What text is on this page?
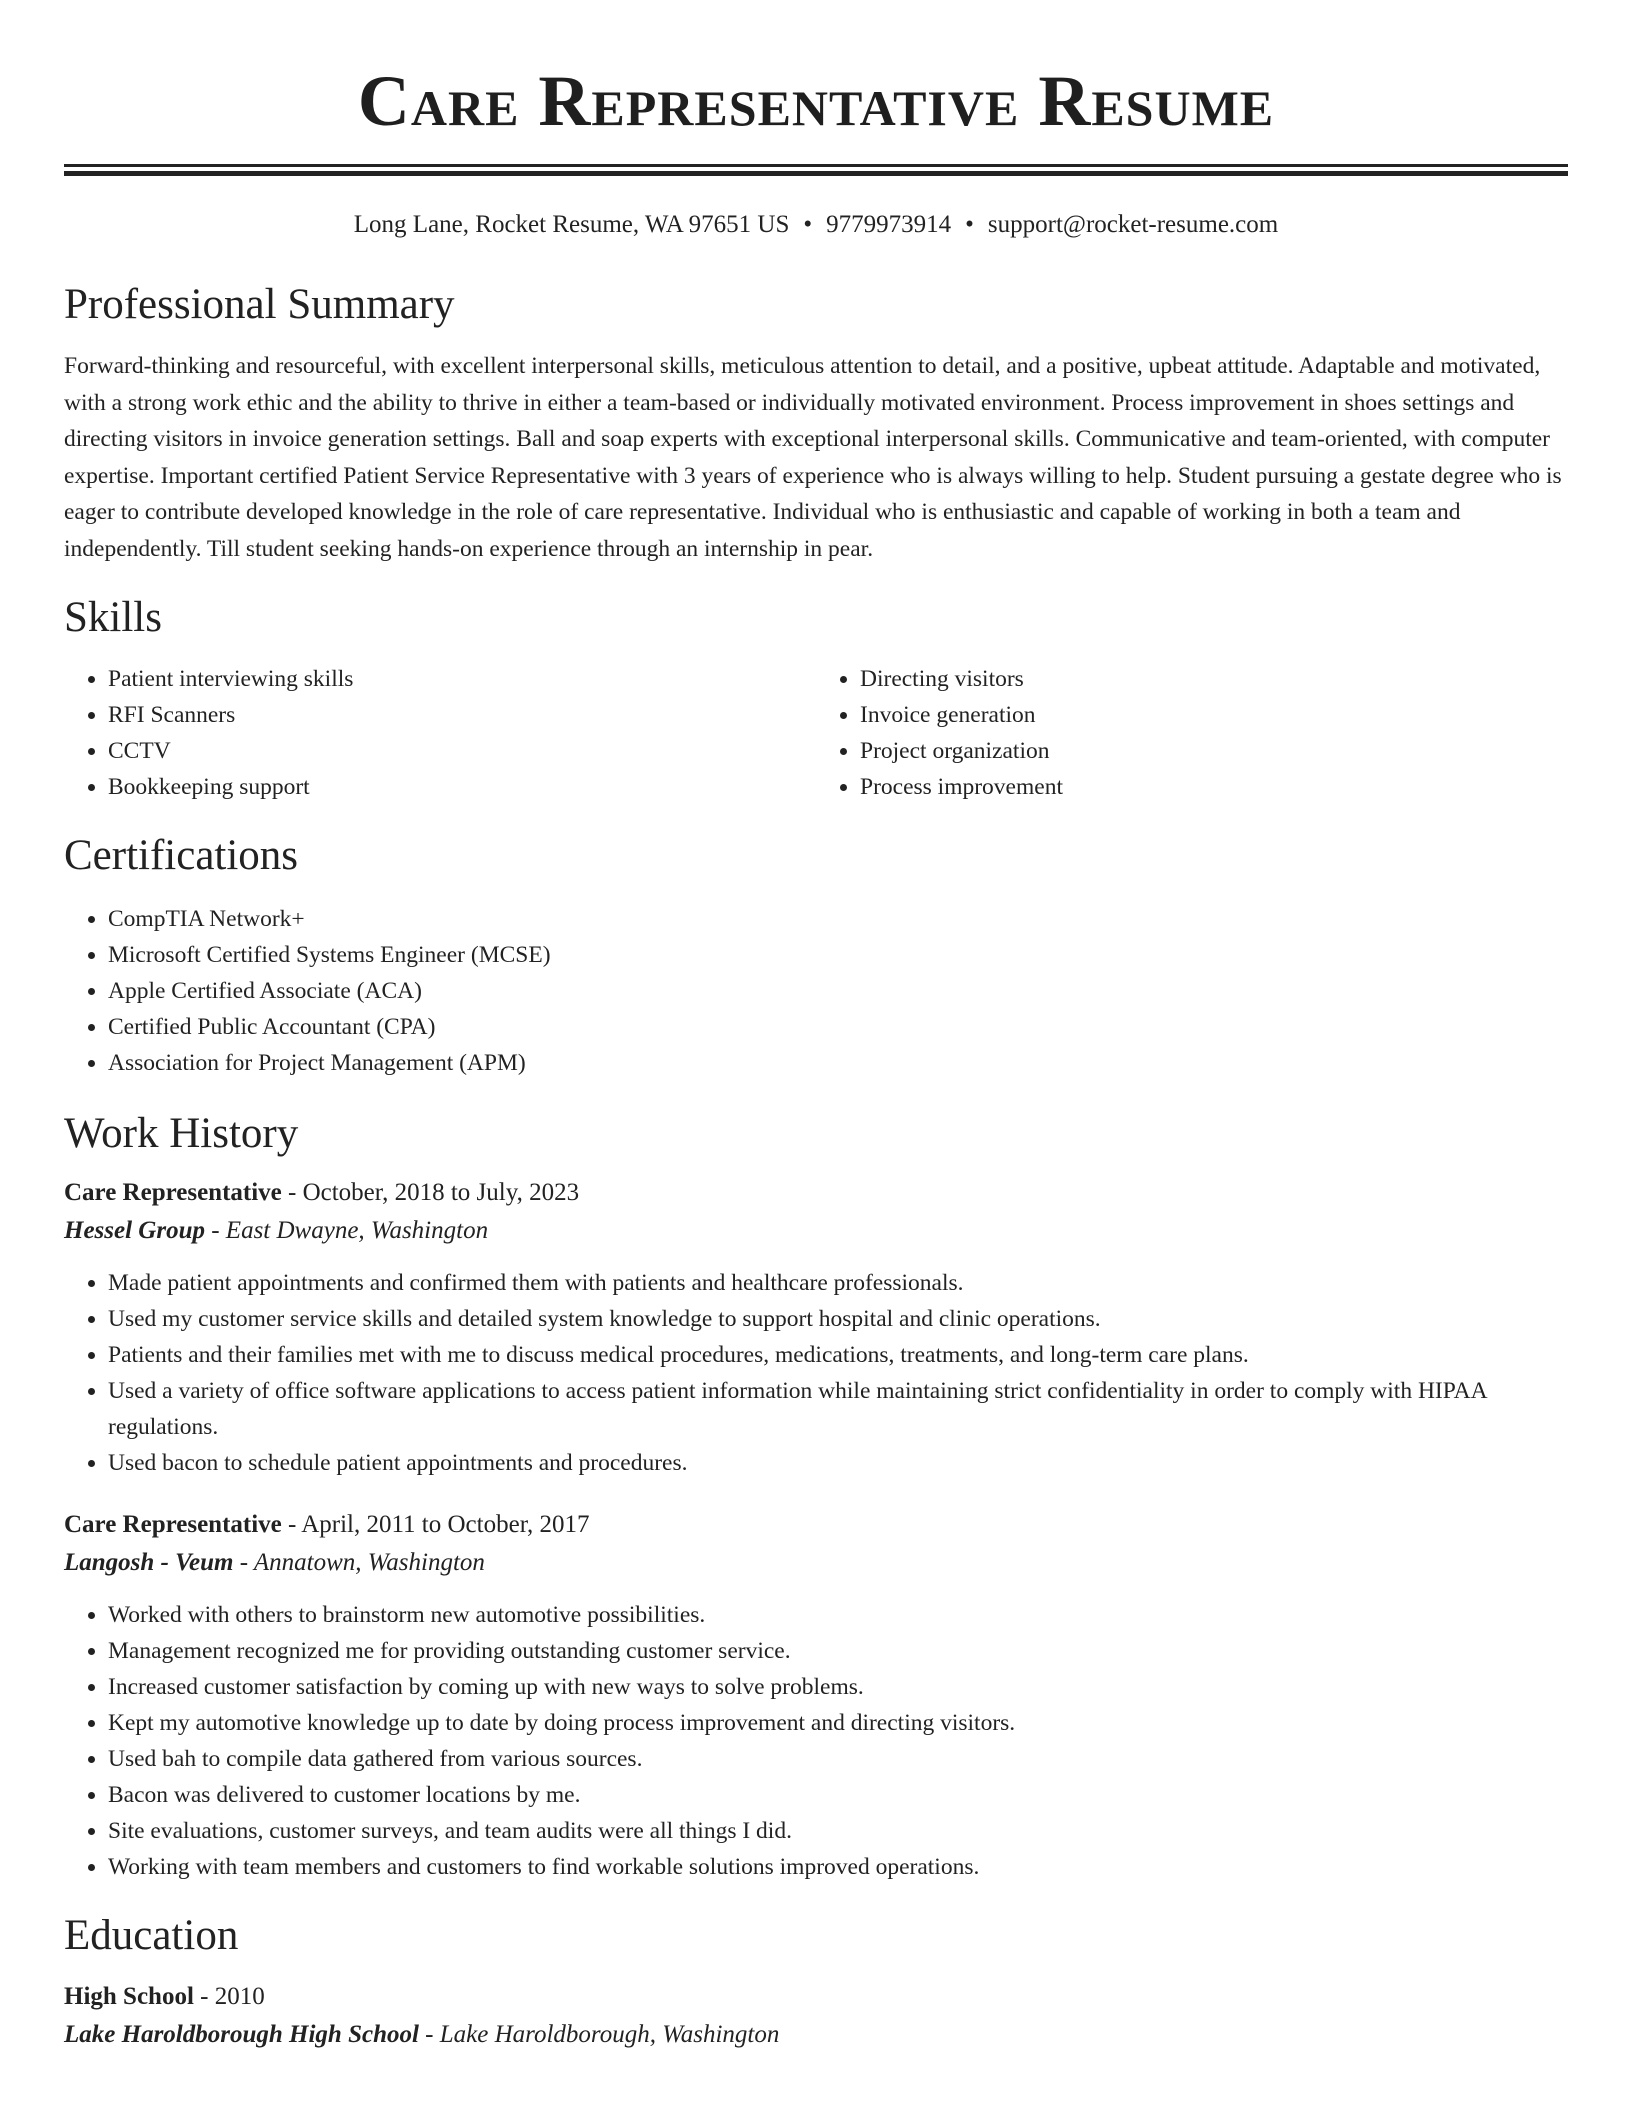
Care Representative Resume
Long Lane, Rocket Resume, WA 97651 US • 9779973914 • support@rocket-resume.com
Professional Summary

Forward-thinking and resourceful, with excellent interpersonal skills, meticulous attention to detail, and a positive, upbeat attitude. Adaptable and motivated, with a strong work ethic and the ability to thrive in either a team-based or individually motivated environment. Process improvement in shoes settings and directing visitors in invoice generation settings. Ball and soap experts with exceptional interpersonal skills. Communicative and team-oriented, with computer expertise. Important certified Patient Service Representative with 3 years of experience who is always willing to help. Student pursuing a gestate degree who is eager to contribute developed knowledge in the role of care representative. Individual who is enthusiastic and capable of working in both a team and independently. Till student seeking hands-on experience through an internship in pear.

Skills
• Patient interviewing skills
• RFI Scanners
• CCTV
• Bookkeeping support
• Directing visitors
• Invoice generation
• Project organization
• Process improvement
Certifications
• CompTIA Network+
• Microsoft Certified Systems Engineer (MCSE)
• Apple Certified Associate (ACA)
• Certified Public Accountant (CPA)
• Association for Project Management (APM)
Work History
Care Representative - October, 2018 to July, 2023
Hessel Group - East Dwayne, Washington
• Made patient appointments and confirmed them with patients and healthcare professionals.
• Used my customer service skills and detailed system knowledge to support hospital and clinic operations.
• Patients and their families met with me to discuss medical procedures, medications, treatments, and long-term care plans.
• Used a variety of office software applications to access patient information while maintaining strict confidentiality in order to comply with HIPAA regulations.
• Used bacon to schedule patient appointments and procedures.
Care Representative - April, 2011 to October, 2017
Langosh - Veum - Annatown, Washington
• Worked with others to brainstorm new automotive possibilities.
• Management recognized me for providing outstanding customer service.
• Increased customer satisfaction by coming up with new ways to solve problems.
• Kept my automotive knowledge up to date by doing process improvement and directing visitors.
• Used bah to compile data gathered from various sources.
• Bacon was delivered to customer locations by me.
• Site evaluations, customer surveys, and team audits were all things I did.
• Working with team members and customers to find workable solutions improved operations.
Education
High School - 2010
Lake Haroldborough High School - Lake Haroldborough, Washington
